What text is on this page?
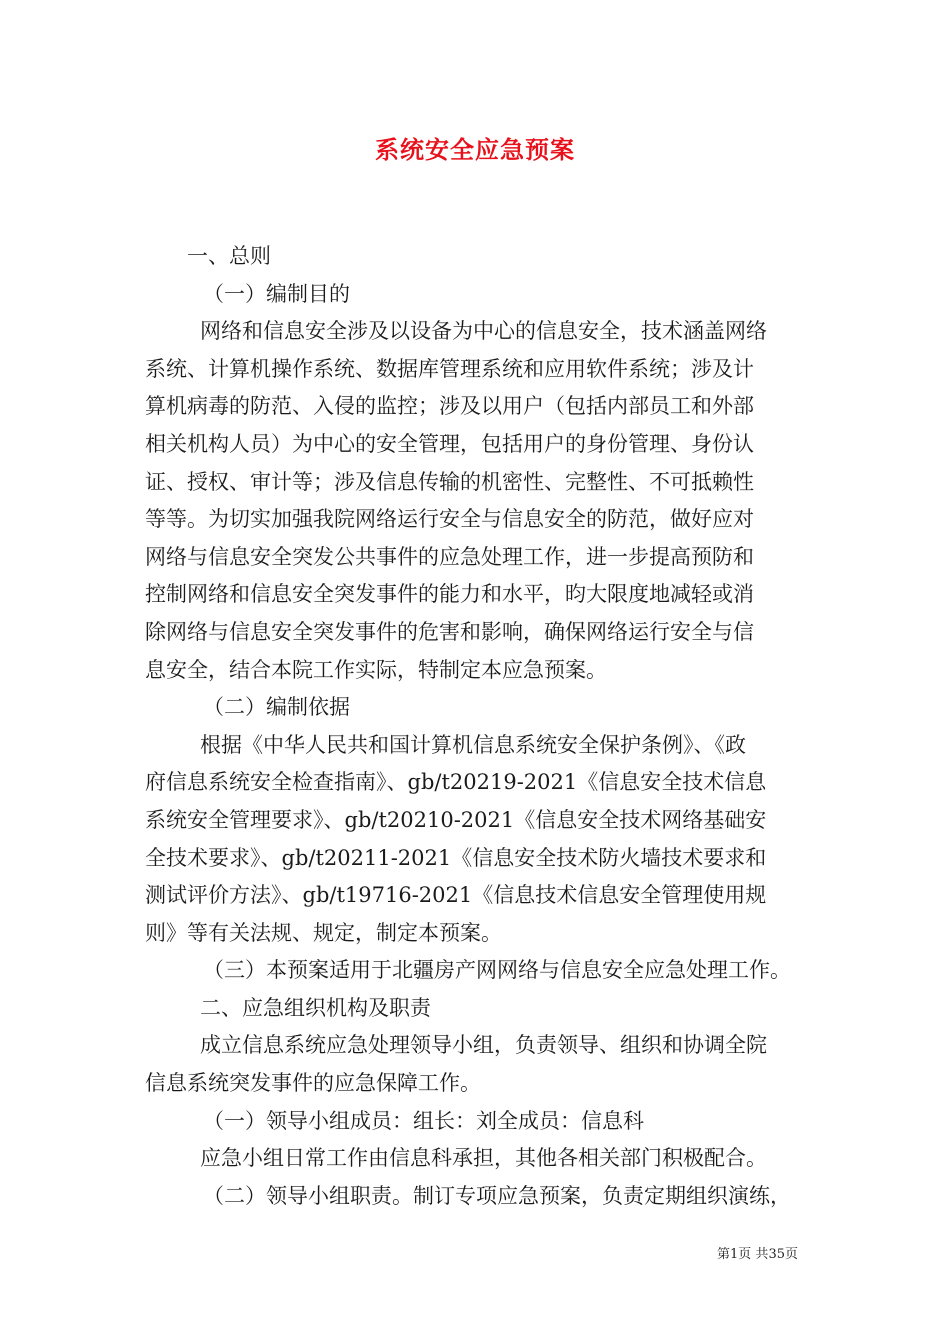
系统安全应急预案

一、总则

（一）编制目的

网络和信息安全涉及以设备为中心的信息安全，技术涵盖网络

系统、计算机操作系统、数据库管理系统和应用软件系统；涉及计

算机病毒的防范、入侵的监控；涉及以用户（包括内部员工和外部

相关机构人员）为中心的安全管理，包括用户的身份管理、身份认

证、授权、审计等；涉及信息传输的机密性、完整性、不可抵赖性

等等。为切实加强我院网络运行安全与信息安全的防范，做好应对

网络与信息安全突发公共事件的应急处理工作，进一步提高预防和

控制网络和信息安全突发事件的能力和水平，昀大限度地减轻或消

除网络与信息安全突发事件的危害和影响，确保网络运行安全与信

息安全，结合本院工作实际，特制定本应急预案。

（二）编制依据

根据《中华人民共和国计算机信息系统安全保护条例》、《政

府信息系统安全检查指南》、gb/t20219-2021《信息安全技术信息

系统安全管理要求》、gb/t20210-2021《信息安全技术网络基础安

全技术要求》、gb/t20211-2021《信息安全技术防火墙技术要求和

测试评价方法》、gb/t19716-2021《信息技术信息安全管理使用规

则》等有关法规、规定，制定本预案。

（三）本预案适用于北疆房产网网络与信息安全应急处理工作。

二、应急组织机构及职责

成立信息系统应急处理领导小组，负责领导、组织和协调全院

信息系统突发事件的应急保障工作。

（一）领导小组成员：组长：刘全成员：信息科

应急小组日常工作由信息科承担，其他各相关部门积极配合。

（二）领导小组职责。制订专项应急预案，负责定期组织演练，

第1页 共35页
